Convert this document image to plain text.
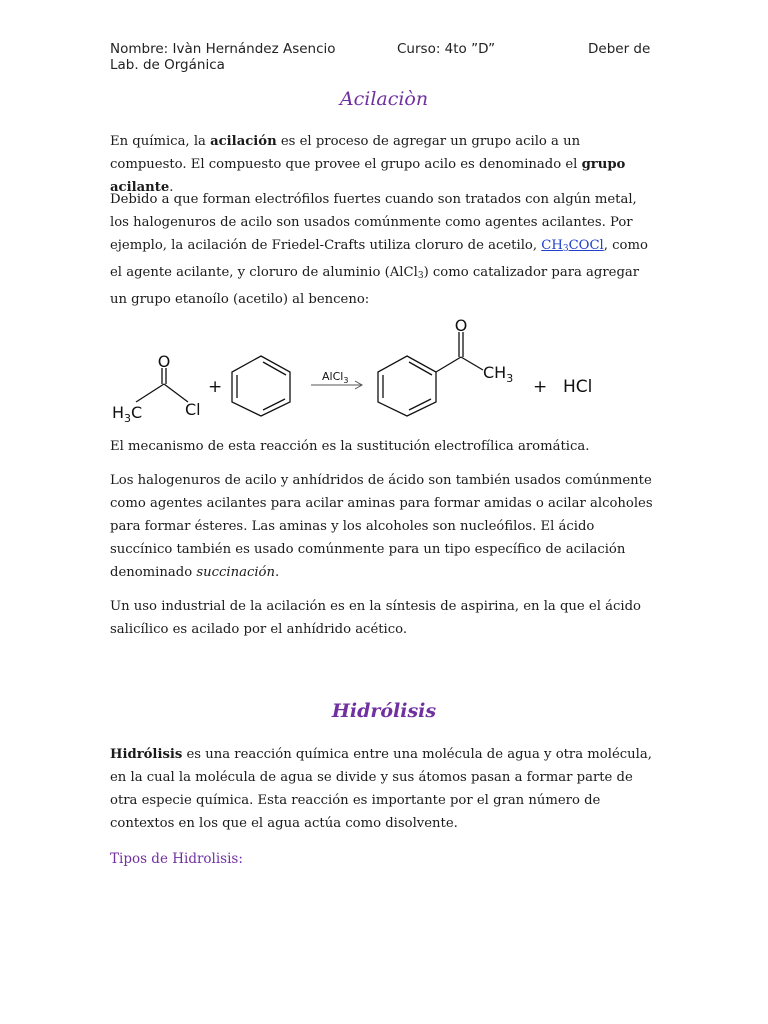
Nombre: Ivàn Hernández Asencio	Curso: 4to ”D”	Deber de
Lab. de Orgánica
Acilaciòn
En química, la acilación es el proceso de agregar un grupo acilo a un compuesto. El compuesto que provee el grupo acilo es denominado el grupo acilante.
Debido a que forman electrófilos fuertes cuando son tratados con algún metal, los halogenuros de acilo son usados comúnmente como agentes acilantes. Por ejemplo, la acilación de Friedel-Crafts utiliza cloruro de acetilo, $CH_3COCl$, como el agente acilante, y cloruro de aluminio (AlCl$_3$) como catalizador para agregar un grupo etanoílo (acetilo) al benceno:
O
$H_3C$	Cl
+
AlCl$_3$
O
$CH_3$ + HCl
El mecanismo de esta reacción es la sustitución electrofílica aromática.
Los halogenuros de acilo y anhídridos de ácido son también usados comúnmente como agentes acilantes para acilar aminas para formar amidas o acilar alcoholes para formar ésteres. Las aminas y los alcoholes son nucleófilos. El ácido succínico también es usado comúnmente para un tipo específico de acilación denominado succinación.
Un uso industrial de la acilación es en la síntesis de aspirina, en la que el ácido salicílico es acilado por el anhídrido acético.
Hidrólisis
Hidrólisis es una reacción química entre una molécula de agua y otra molécula, en la cual la molécula de agua se divide y sus átomos pasan a formar parte de otra especie química. Esta reacción es importante por el gran número de contextos en los que el agua actúa como disolvente.
Tipos de Hidrolisis:
